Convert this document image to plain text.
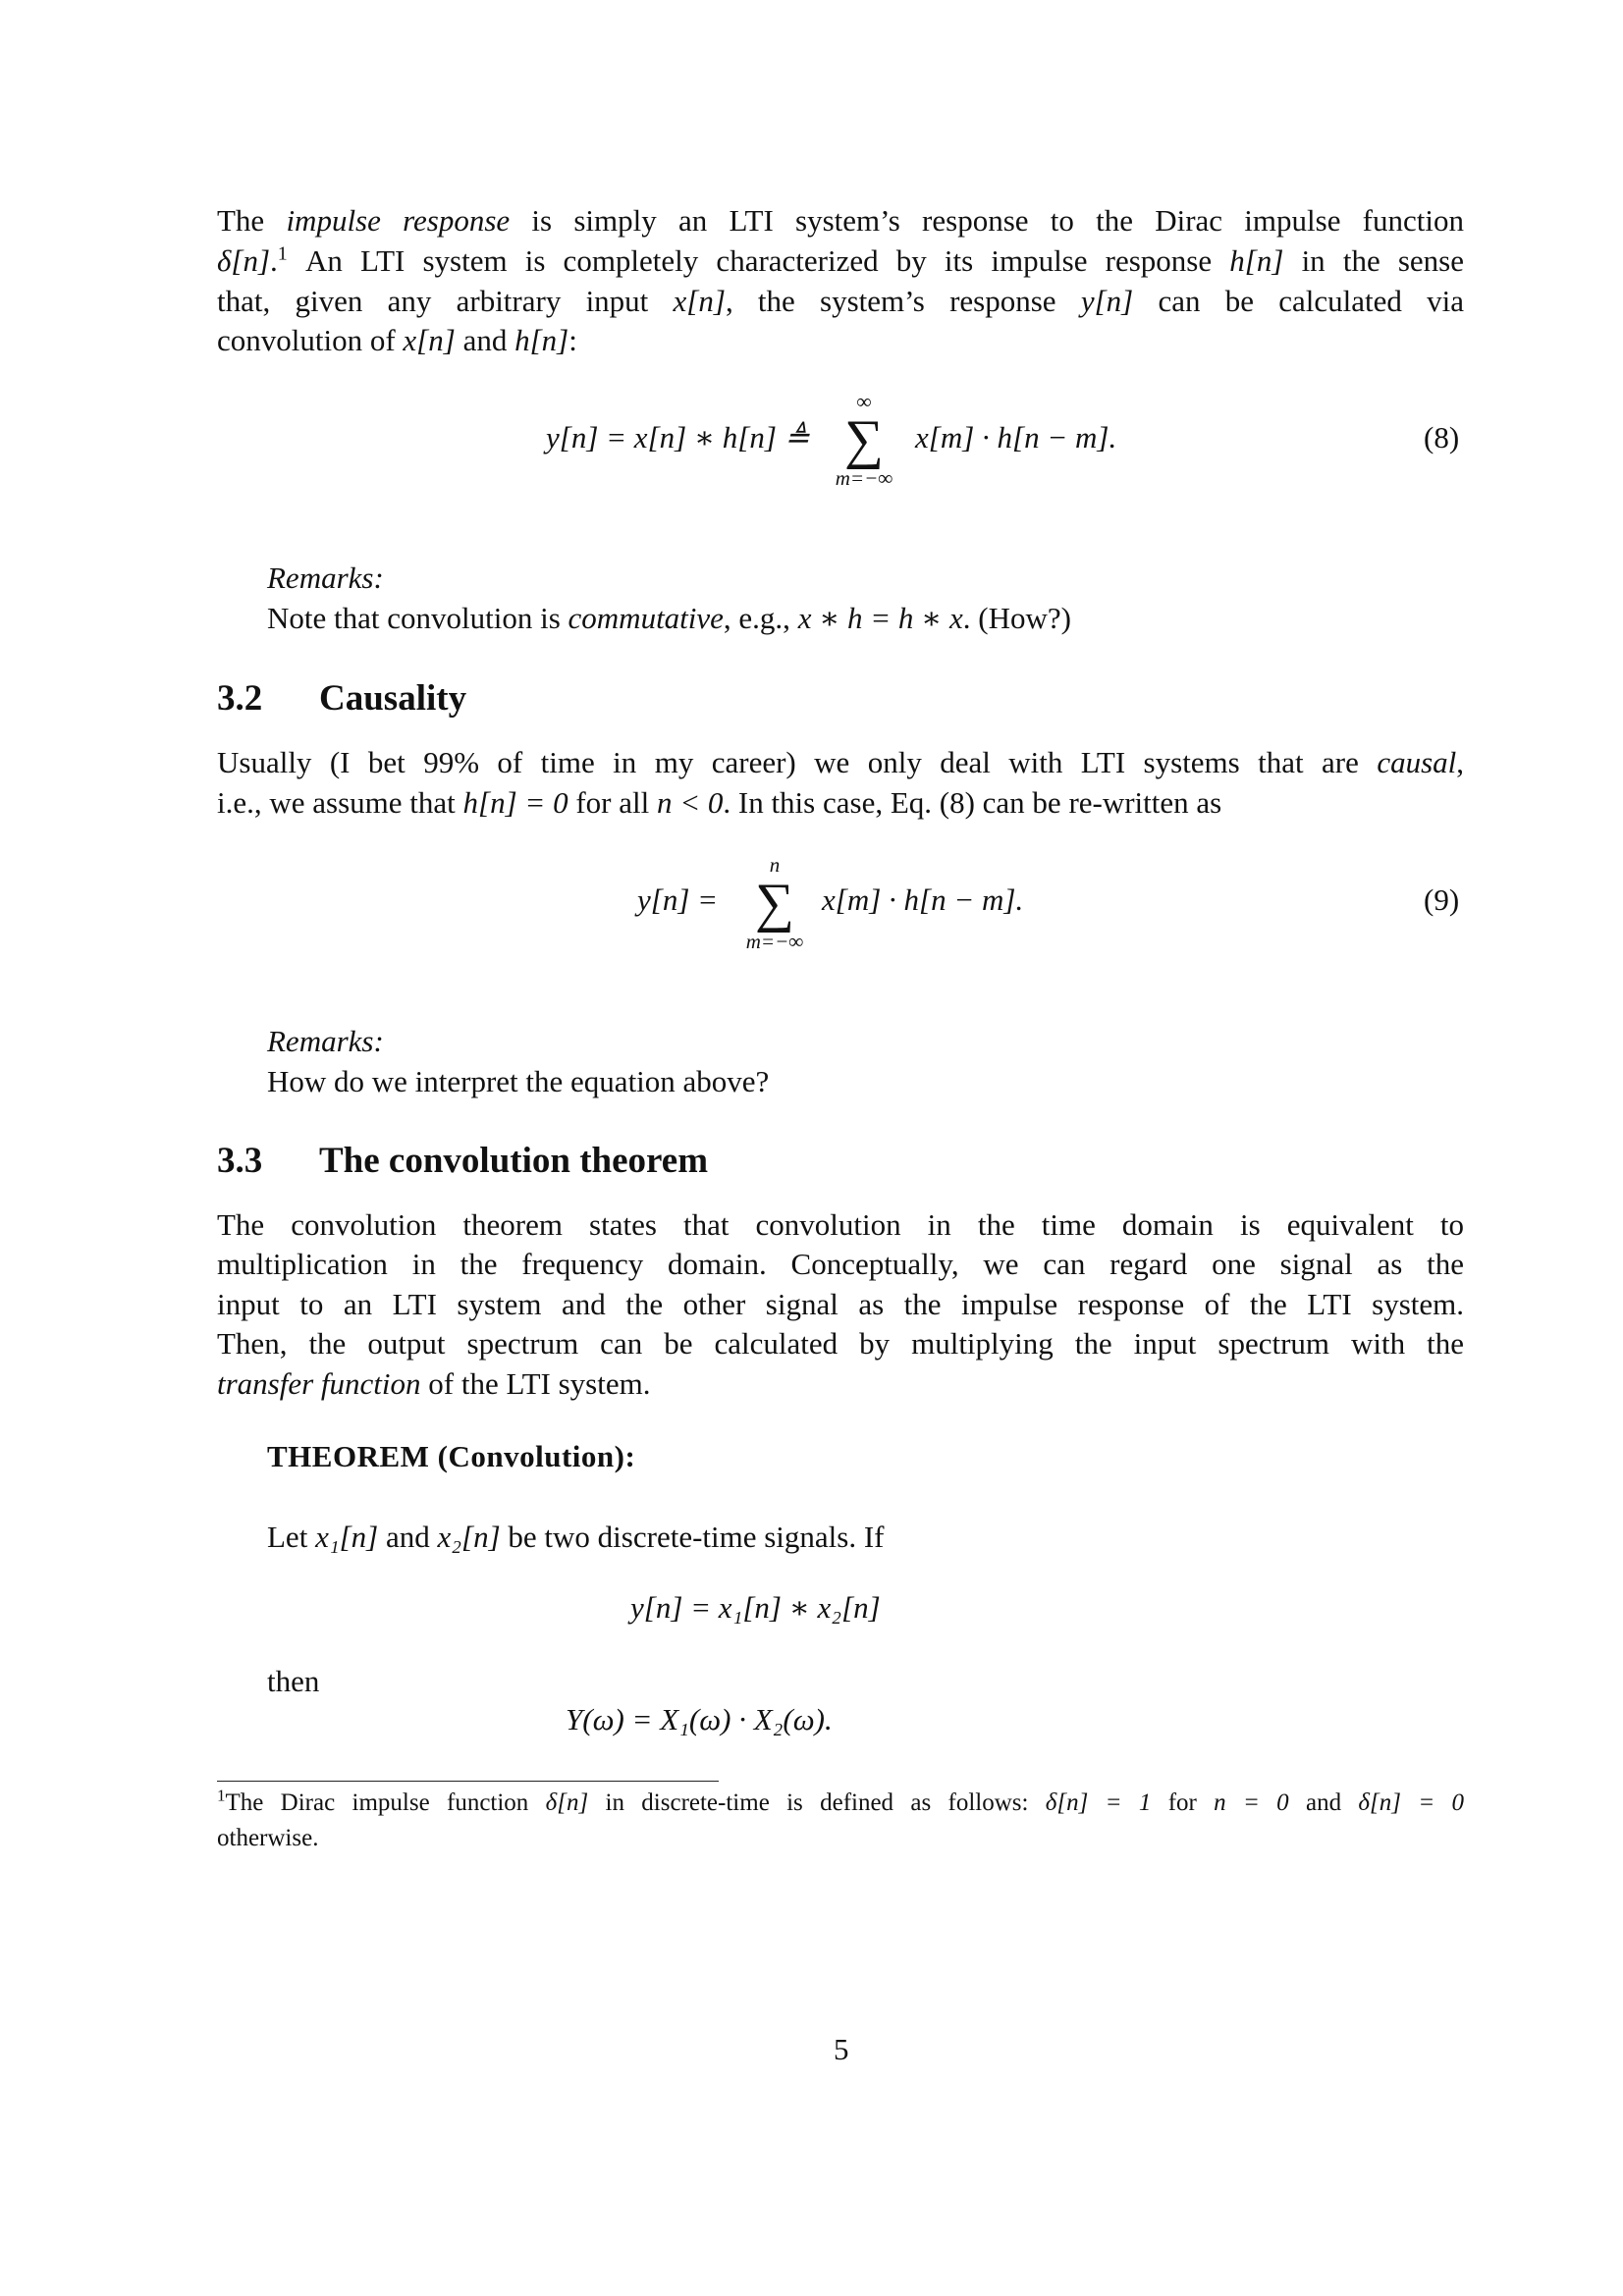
The impulse response is simply an LTI system’s response to the Dirac impulse function
δ[n].$^1$ An LTI system is completely characterized by its impulse response h[n] in the sense
that, given any arbitrary input x[n], the system’s response y[n] can be calculated via
convolution of x[n] and h[n]:
y[n] = x[n] ∗ h[n] ≜
∞
∑
m=−∞
x[m] · h[n − m].	(8)
Remarks:
Note that convolution is commutative, e.g., x ∗ h = h ∗ x. (How?)
3.2 Causality
Usually (I bet 99% of time in my career) we only deal with LTI systems that are causal,
i.e., we assume that h[n] = 0 for all n < 0. In this case, Eq. (8) can be re-written as
y[n] =
n
∑
m=−∞
x[m] · h[n − m].	(9)
Remarks:
How do we interpret the equation above?
3.3 The convolution theorem
The convolution theorem states that convolution in the time domain is equivalent to
multiplication in the frequency domain. Conceptually, we can regard one signal as the
input to an LTI system and the other signal as the impulse response of the LTI system.
Then, the output spectrum can be calculated by multiplying the input spectrum with the
transfer function of the LTI system.
THEOREM (Convolution):
Let x₁[n] and x₂[n] be two discrete-time signals. If
y[n] = x₁[n] ∗ x₂[n]
then
Y(ω) = X₁(ω) · X₂(ω).
$^1$The Dirac impulse function δ[n] in discrete-time is defined as follows: δ[n] = 1 for n = 0 and δ[n] = 0
otherwise.
5
